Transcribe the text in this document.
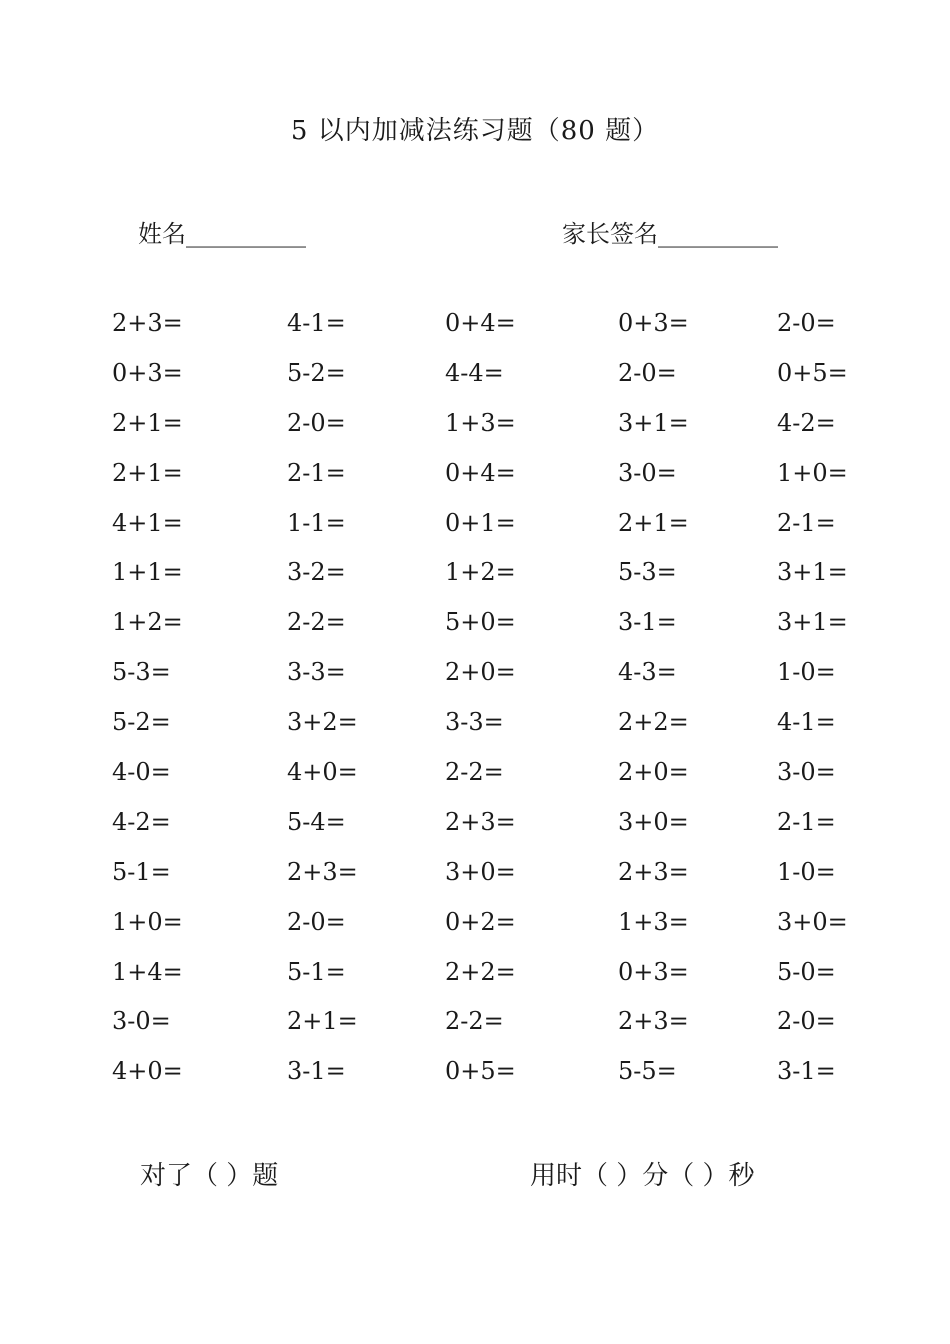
5 以内加减法练习题（80 题）
姓名__________	家长签名__________
2+3=	4-1=	0+4=	0+3=	2-0=
0+3=	5-2=	4-4=	2-0=	0+5=
2+1=	2-0=	1+3=	3+1=	4-2=
2+1=	2-1=	0+4=	3-0=	1+0=
4+1=	1-1=	0+1=	2+1=	2-1=
1+1=	3-2=	1+2=	5-3=	3+1=
1+2=	2-2=	5+0=	3-1=	3+1=
5-3=	3-3=	2+0=	4-3=	1-0=
5-2=	3+2=	3-3=	2+2=	4-1=
4-0=	4+0=	2-2=	2+0=	3-0=
4-2=	5-4=	2+3=	3+0=	2-1=
5-1=	2+3=	3+0=	2+3=	1-0=
1+0=	2-0=	0+2=	1+3=	3+0=
1+4=	5-1=	2+2=	0+3=	5-0=
3-0=	2+1=	2-2=	2+3=	2-0=
4+0=	3-1=	0+5=	5-5=	3-1=
对了（ ）题	用时（ ）分（ ）秒
